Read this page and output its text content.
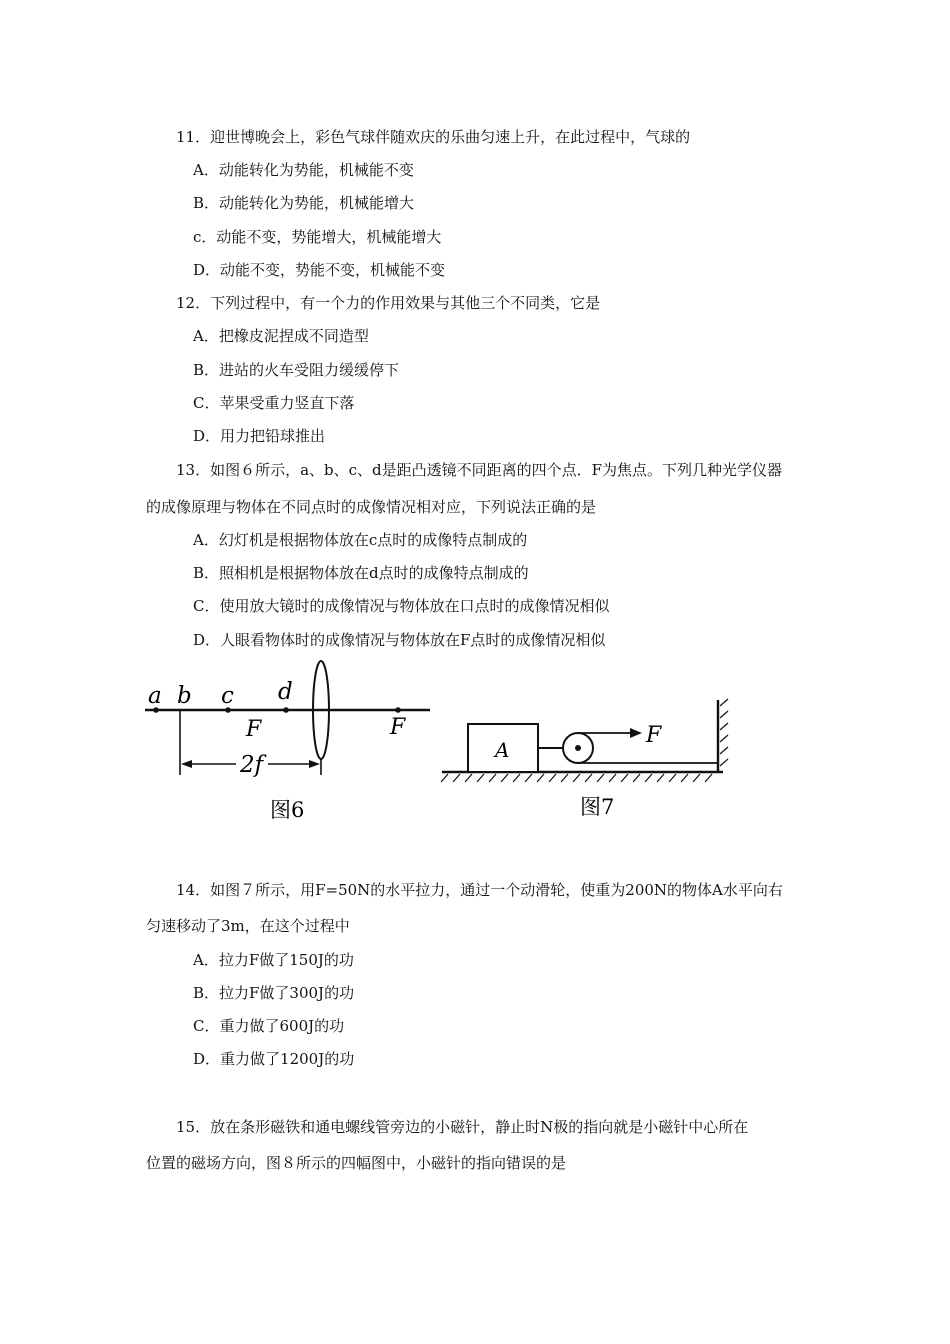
11．迎世博晚会上，彩色气球伴随欢庆的乐曲匀速上升，在此过程中，气球的
A．动能转化为势能，机械能不变
B．动能转化为势能，机械能增大
c．动能不变，势能增大，机械能增大
D．动能不变，势能不变，机械能不变
12．下列过程中，有一个力的作用效果与其他三个不同类，它是
A．把橡皮泥捏成不同造型
B．进站的火车受阻力缓缓停下
C．苹果受重力竖直下落
D．用力把铅球推出
13．如图６所示，a、b、c、d是距凸透镜不同距离的四个点．F为焦点。下列几种光学仪器
的成像原理与物体在不同点时的成像情况相对应，下列说法正确的是
A．幻灯机是根据物体放在c点时的成像特点制成的
B．照相机是根据物体放在d点时的成像特点制成的
C．使用放大镜时的成像情况与物体放在口点时的成像情况相似
D．人眼看物体时的成像情况与物体放在F点时的成像情况相似
a b c d
F	F
2f
图6
A
F
图7
14．如图７所示，用F=50N的水平拉力，通过一个动滑轮，使重为200N的物体A水平向右
匀速移动了3m，在这个过程中
A．拉力F做了150J的功
B．拉力F做了300J的功
C．重力做了600J的功
D．重力做了1200J的功
15．放在条形磁铁和通电螺线管旁边的小磁针，静止时N极的指向就是小磁针中心所在
位置的磁场方向，图８所示的四幅图中，小磁针的指向错误的是
